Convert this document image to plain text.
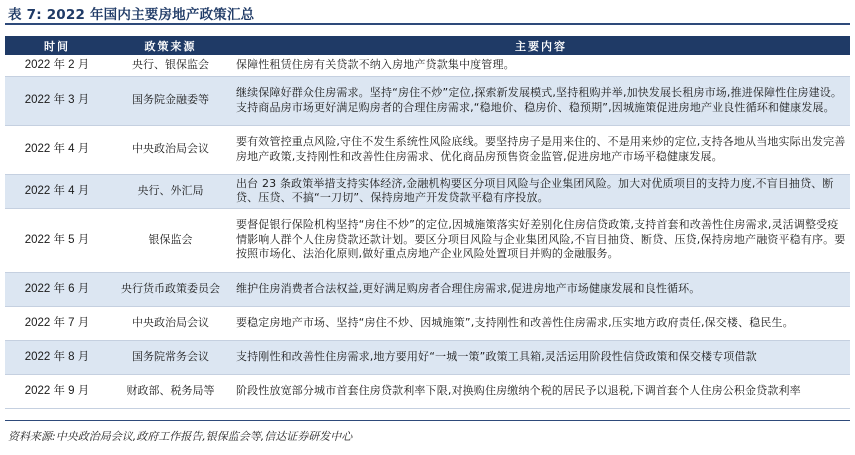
表 7: 2022 年国内主要房地产政策汇总
时间	政策来源	主要内容
2022 年 2 月	央行、银保监会	保障性租赁住房有关贷款不纳入房地产贷款集中度管理。
2022 年 3 月	国务院金融委等	继续保障好群众住房需求。坚持“房住不炒”定位,探索新发展模式,坚持租购并举,加快发展长租房市场,推进保障性住房建设。支持商品房市场更好满足购房者的合理住房需求,“稳地价、稳房价、稳预期”,因城施策促进房地产业良性循环和健康发展。
2022 年 4 月	中央政治局会议	要有效管控重点风险,守住不发生系统性风险底线。要坚持房子是用来住的、不是用来炒的定位,支持各地从当地实际出发完善房地产政策,支持刚性和改善性住房需求、优化商品房预售资金监管,促进房地产市场平稳健康发展。
2022 年 4 月	央行、外汇局	出台 23 条政策举措支持实体经济,金融机构要区分项目风险与企业集团风险。加大对优质项目的支持力度,不盲目抽贷、断贷、压贷、不搞“一刀切”、保持房地产开发贷款平稳有序投放。
2022 年 5 月	银保监会	要督促银行保险机构坚持“房住不炒”的定位,因城施策落实好差别化住房信贷政策,支持首套和改善性住房需求,灵活调整受疫情影响人群个人住房贷款还款计划。要区分项目风险与企业集团风险,不盲目抽贷、断贷、压贷,保持房地产融资平稳有序。要按照市场化、法治化原则,做好重点房地产企业风险处置项目并购的金融服务。
2022 年 6 月	央行货币政策委员会	维护住房消费者合法权益,更好满足购房者合理住房需求,促进房地产市场健康发展和良性循环。
2022 年 7 月	中央政治局会议	要稳定房地产市场、坚持“房住不炒、因城施策”,支持刚性和改善性住房需求,压实地方政府责任,保交楼、稳民生。
2022 年 8 月	国务院常务会议	支持刚性和改善性住房需求,地方要用好“一城一策”政策工具箱,灵活运用阶段性信贷政策和保交楼专项借款
2022 年 9 月	财政部、税务局等	阶段性放宽部分城市首套住房贷款利率下限,对换购住房缴纳个税的居民予以退税,下调首套个人住房公积金贷款利率
资料来源:中央政治局会议,政府工作报告,银保监会等,信达证券研发中心
